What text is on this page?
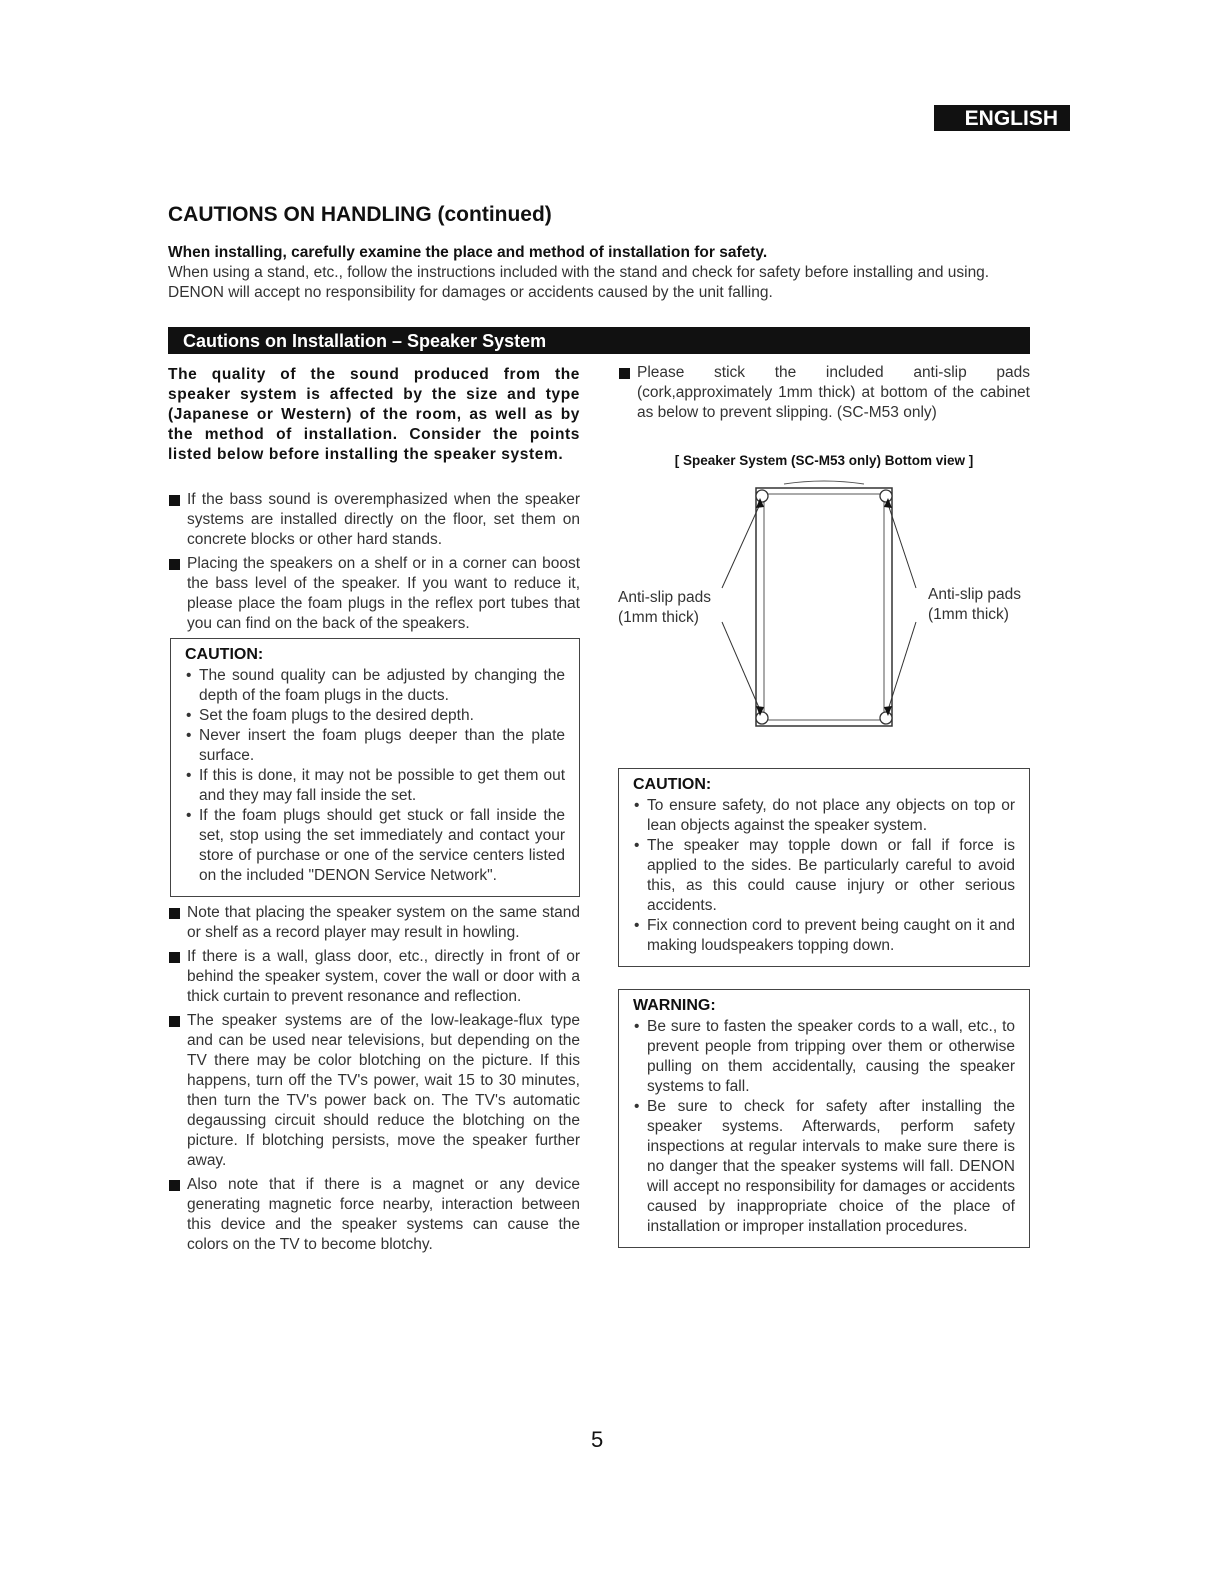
ENGLISH
CAUTIONS ON HANDLING (continued)
When installing, carefully examine the place and method of installation for safety.
When using a stand, etc., follow the instructions included with the stand and check for safety before installing and using. DENON will accept no responsibility for damages or accidents caused by the unit falling.
Cautions on Installation – Speaker System
The quality of the sound produced from the speaker system is affected by the size and type (Japanese or Western) of the room, as well as by the method of installation. Consider the points listed below before installing the speaker system.
If the bass sound is overemphasized when the speaker systems are installed directly on the floor, set them on concrete blocks or other hard stands.
Placing the speakers on a shelf or in a corner can boost the bass level of the speaker. If you want to reduce it, please place the foam plugs in the reflex port tubes that you can find on the back of the speakers.
CAUTION:
• The sound quality can be adjusted by changing the depth of the foam plugs in the ducts.
• Set the foam plugs to the desired depth.
• Never insert the foam plugs deeper than the plate surface.
• If this is done, it may not be possible to get them out and they may fall inside the set.
• If the foam plugs should get stuck or fall inside the set, stop using the set immediately and contact your store of purchase or one of the service centers listed on the included "DENON Service Network".
Note that placing the speaker system on the same stand or shelf as a record player may result in howling.
If there is a wall, glass door, etc., directly in front of or behind the speaker system, cover the wall or door with a thick curtain to prevent resonance and reflection.
The speaker systems are of the low-leakage-flux type and can be used near televisions, but depending on the TV there may be color blotching on the picture. If this happens, turn off the TV's power, wait 15 to 30 minutes, then turn the TV's power back on. The TV's automatic degaussing circuit should reduce the blotching on the picture. If blotching persists, move the speaker further away.
Also note that if there is a magnet or any device generating magnetic force nearby, interaction between this device and the speaker systems can cause the colors on the TV to become blotchy.
Please stick the included anti-slip pads (cork,approximately 1mm thick) at bottom of the cabinet as below to prevent slipping. (SC-M53 only)
[ Speaker System (SC-M53 only) Bottom view ]
Anti-slip pads
(1mm thick)
Anti-slip pads
(1mm thick)
CAUTION:
• To ensure safety, do not place any objects on top or lean objects against the speaker system.
• The speaker may topple down or fall if force is applied to the sides. Be particularly careful to avoid this, as this could cause injury or other serious accidents.
• Fix connection cord to prevent being caught on it and making loudspeakers topping down.
WARNING:
• Be sure to fasten the speaker cords to a wall, etc., to prevent people from tripping over them or otherwise pulling on them accidentally, causing the speaker systems to fall.
• Be sure to check for safety after installing the speaker systems. Afterwards, perform safety inspections at regular intervals to make sure there is no danger that the speaker systems will fall. DENON will accept no responsibility for damages or accidents caused by inappropriate choice of the place of installation or improper installation procedures.
5
